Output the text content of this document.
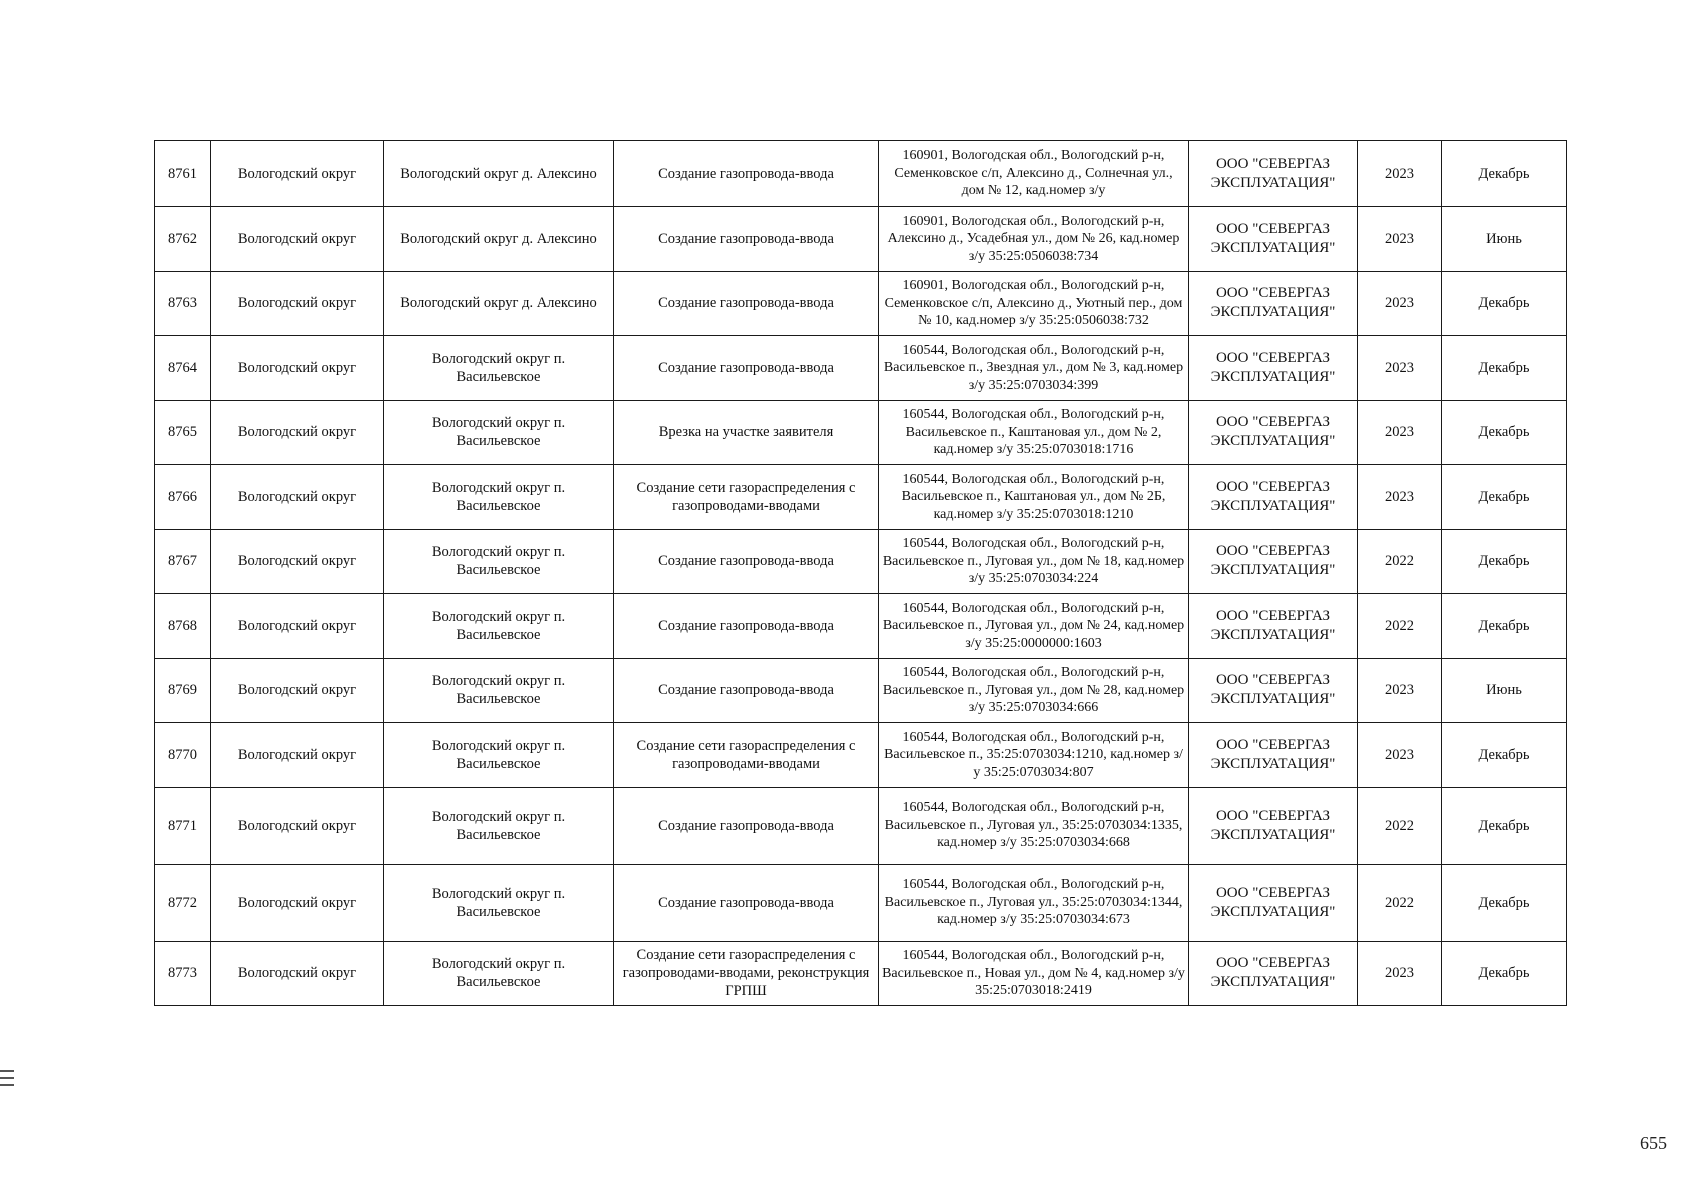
8761	Вологодский округ	Вологодский округ д. Алексино	Создание газопровода-ввода	160901, Вологодская обл., Вологодский р-н, Семенковское с/п, Алексино д., Солнечная ул., дом № 12, кад.номер з/у	ООО "СЕВЕРГАЗ ЭКСПЛУАТАЦИЯ"	2023	Декабрь
8762	Вологодский округ	Вологодский округ д. Алексино	Создание газопровода-ввода	160901, Вологодская обл., Вологодский р-н, Алексино д., Усадебная ул., дом № 26, кад.номер з/у 35:25:0506038:734	ООО "СЕВЕРГАЗ ЭКСПЛУАТАЦИЯ"	2023	Июнь
8763	Вологодский округ	Вологодский округ д. Алексино	Создание газопровода-ввода	160901, Вологодская обл., Вологодский р-н, Семенковское с/п, Алексино д., Уютный пер., дом № 10, кад.номер з/у 35:25:0506038:732	ООО "СЕВЕРГАЗ ЭКСПЛУАТАЦИЯ"	2023	Декабрь
8764	Вологодский округ	Вологодский округ п. Васильевское	Создание газопровода-ввода	160544, Вологодская обл., Вологодский р-н, Васильевское п., Звездная ул., дом № 3, кад.номер з/у 35:25:0703034:399	ООО "СЕВЕРГАЗ ЭКСПЛУАТАЦИЯ"	2023	Декабрь
8765	Вологодский округ	Вологодский округ п. Васильевское	Врезка на участке заявителя	160544, Вологодская обл., Вологодский р-н, Васильевское п., Каштановая ул., дом № 2, кад.номер з/у 35:25:0703018:1716	ООО "СЕВЕРГАЗ ЭКСПЛУАТАЦИЯ"	2023	Декабрь
8766	Вологодский округ	Вологодский округ п. Васильевское	Создание сети газораспределения с газопроводами-вводами	160544, Вологодская обл., Вологодский р-н, Васильевское п., Каштановая ул., дом № 2Б, кад.номер з/у 35:25:0703018:1210	ООО "СЕВЕРГАЗ ЭКСПЛУАТАЦИЯ"	2023	Декабрь
8767	Вологодский округ	Вологодский округ п. Васильевское	Создание газопровода-ввода	160544, Вологодская обл., Вологодский р-н, Васильевское п., Луговая ул., дом № 18, кад.номер з/у 35:25:0703034:224	ООО "СЕВЕРГАЗ ЭКСПЛУАТАЦИЯ"	2022	Декабрь
8768	Вологодский округ	Вологодский округ п. Васильевское	Создание газопровода-ввода	160544, Вологодская обл., Вологодский р-н, Васильевское п., Луговая ул., дом № 24, кад.номер з/у 35:25:0000000:1603	ООО "СЕВЕРГАЗ ЭКСПЛУАТАЦИЯ"	2022	Декабрь
8769	Вологодский округ	Вологодский округ п. Васильевское	Создание газопровода-ввода	160544, Вологодская обл., Вологодский р-н, Васильевское п., Луговая ул., дом № 28, кад.номер з/у 35:25:0703034:666	ООО "СЕВЕРГАЗ ЭКСПЛУАТАЦИЯ"	2023	Июнь
8770	Вологодский округ	Вологодский округ п. Васильевское	Создание сети газораспределения с газопроводами-вводами	160544, Вологодская обл., Вологодский р-н, Васильевское п., 35:25:0703034:1210, кад.номер з/у 35:25:0703034:807	ООО "СЕВЕРГАЗ ЭКСПЛУАТАЦИЯ"	2023	Декабрь
8771	Вологодский округ	Вологодский округ п. Васильевское	Создание газопровода-ввода	160544, Вологодская обл., Вологодский р-н, Васильевское п., Луговая ул., 35:25:0703034:1335, кад.номер з/у 35:25:0703034:668	ООО "СЕВЕРГАЗ ЭКСПЛУАТАЦИЯ"	2022	Декабрь
8772	Вологодский округ	Вологодский округ п. Васильевское	Создание газопровода-ввода	160544, Вологодская обл., Вологодский р-н, Васильевское п., Луговая ул., 35:25:0703034:1344, кад.номер з/у 35:25:0703034:673	ООО "СЕВЕРГАЗ ЭКСПЛУАТАЦИЯ"	2022	Декабрь
8773	Вологодский округ	Вологодский округ п. Васильевское	Создание сети газораспределения с газопроводами-вводами, реконструкция ГРПШ	160544, Вологодская обл., Вологодский р-н, Васильевское п., Новая ул., дом № 4, кад.номер з/у 35:25:0703018:2419	ООО "СЕВЕРГАЗ ЭКСПЛУАТАЦИЯ"	2023	Декабрь
655
